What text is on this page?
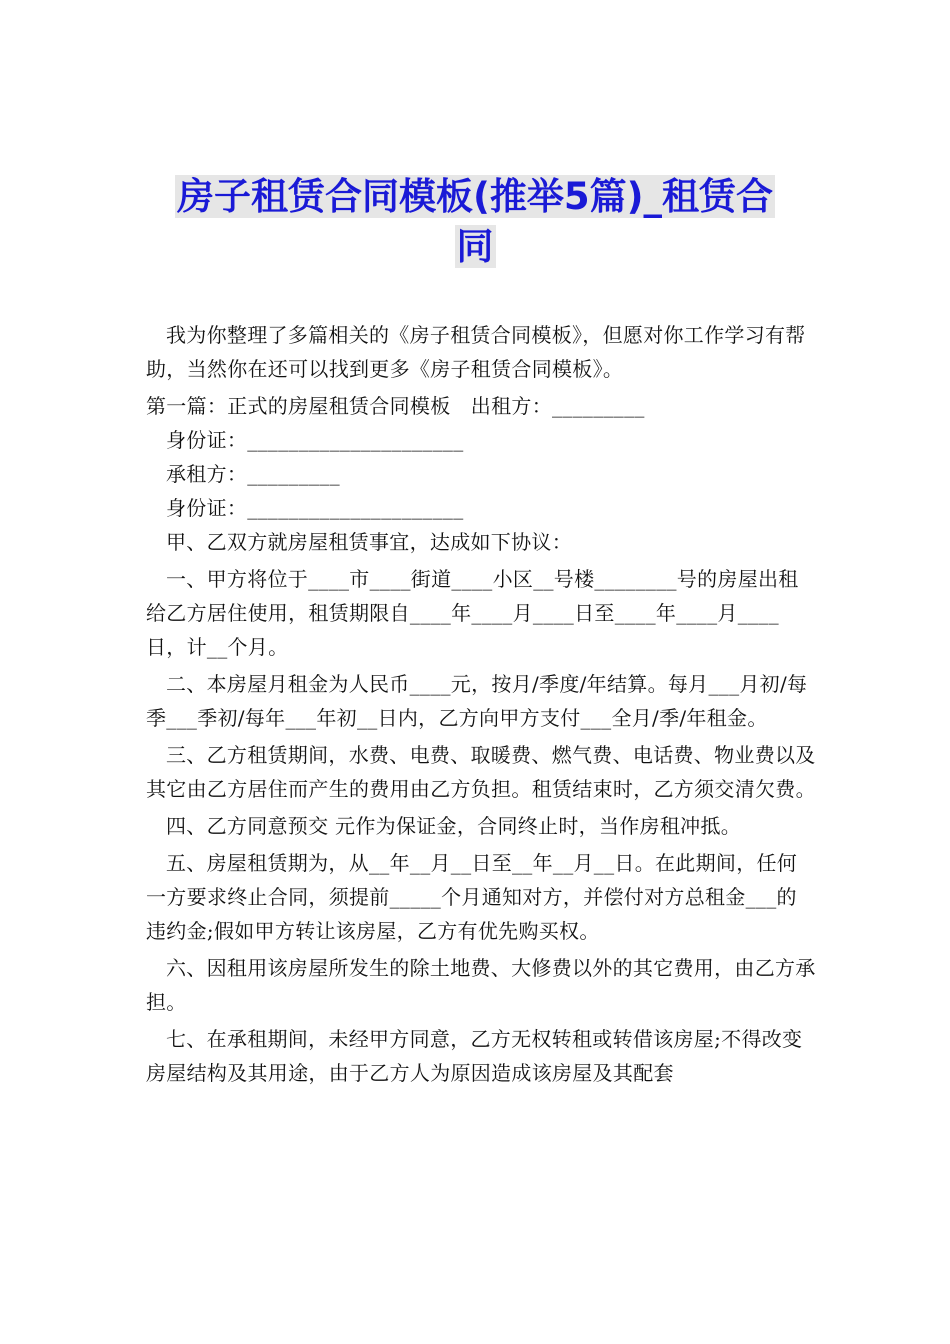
房子租赁合同模板(推举5篇)_租赁合
同

我为你整理了多篇相关的《房子租赁合同模板》，但愿对你工作学习有帮助，当然你在还可以找到更多《房子租赁合同模板》。

第一篇：正式的房屋租赁合同模板　出租方：_________

身份证：_____________________

承租方：_________

身份证：_____________________

甲、乙双方就房屋租赁事宜，达成如下协议：

一、甲方将位于____市____街道____小区__号楼________号的房屋出租给乙方居住使用，租赁期限自____年____月____日至____年____月____日，计__个月。

二、本房屋月租金为人民币____元，按月/季度/年结算。每月___月初/每季___季初/每年___年初__日内，乙方向甲方支付___全月/季/年租金。

三、乙方租赁期间，水费、电费、取暖费、燃气费、电话费、物业费以及其它由乙方居住而产生的费用由乙方负担。租赁结束时，乙方须交清欠费。

四、乙方同意预交 元作为保证金，合同终止时，当作房租冲抵。

五、房屋租赁期为，从__年__月__日至__年__月__日。在此期间，任何一方要求终止合同，须提前_____个月通知对方，并偿付对方总租金___的违约金;假如甲方转让该房屋，乙方有优先购买权。

六、因租用该房屋所发生的除土地费、大修费以外的其它费用，由乙方承担。

七、在承租期间，未经甲方同意，乙方无权转租或转借该房屋;不得改变房屋结构及其用途，由于乙方人为原因造成该房屋及其配套
